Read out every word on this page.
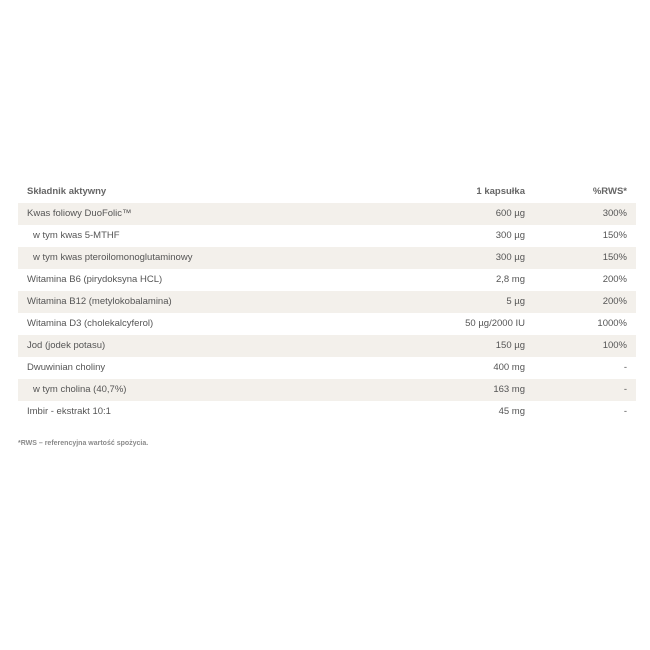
Składnik aktywny	1 kapsułka	%RWS*
Kwas foliowy DuoFolic™	600 µg	300%
w tym kwas 5-MTHF	300 µg	150%
w tym kwas pteroilomonoglutaminowy	300 µg	150%
Witamina B6 (pirydoksyna HCL)	2,8 mg	200%
Witamina B12 (metylokobalamina)	5 µg	200%
Witamina D3 (cholekalcyferol)	50 µg/2000 IU	1000%
Jod (jodek potasu)	150 µg	100%
Dwuwinian choliny	400 mg	-
w tym cholina (40,7%)	163 mg	-
Imbir - ekstrakt 10:1	45 mg	-
*RWS – referencyjna wartość spożycia.
